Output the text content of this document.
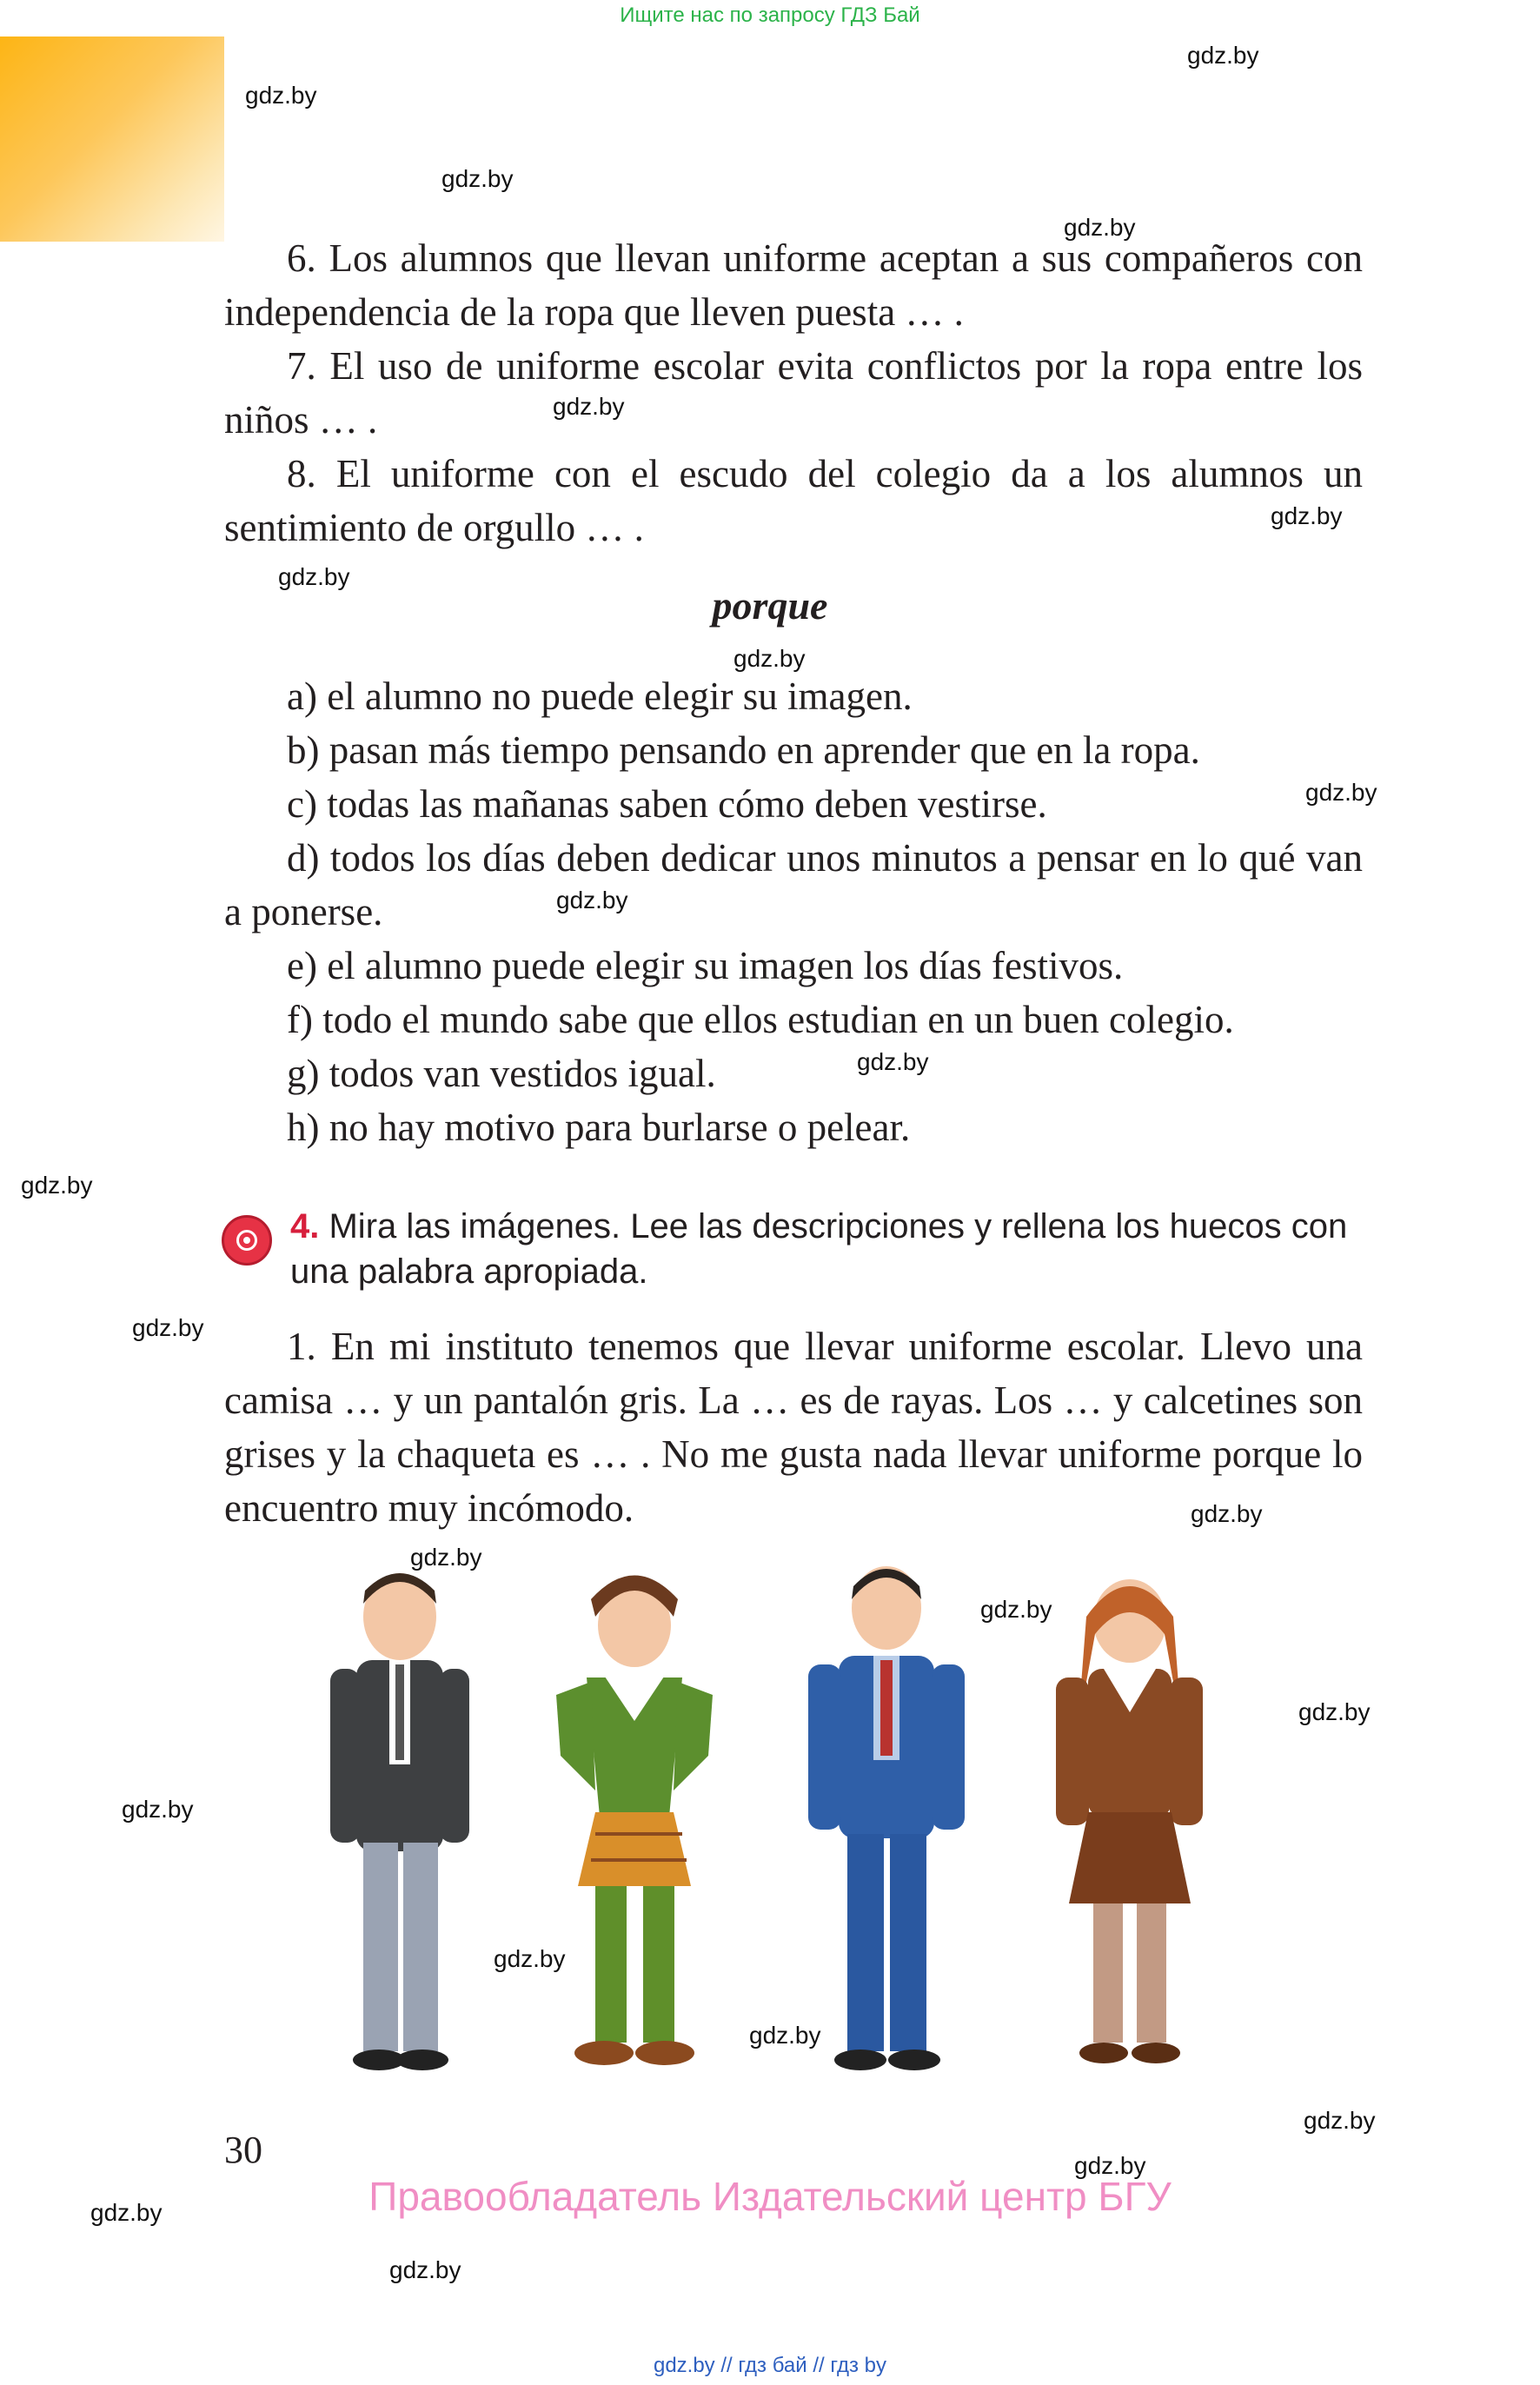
Ищите нас по запросу ГДЗ Бай
gdz.by
gdz.by
gdz.by
gdz.by
gdz.by
gdz.by
gdz.by
gdz.by
gdz.by
gdz.by
gdz.by
gdz.by
gdz.by
gdz.by
gdz.by
gdz.by
gdz.by
gdz.by
gdz.by
gdz.by
gdz.by
gdz.by
gdz.by
gdz.by

6. Los alumnos que llevan uniforme aceptan a sus compañeros con independencia de la ropa que lleven puesta … .

7. El uso de uniforme escolar evita conflictos por la ropa entre los niños … .

8. El uniforme con el escudo del colegio da a los alumnos un sentimiento de orgullo … .

porque

a) el alumno no puede elegir su imagen.

b) pasan más tiempo pensando en aprender que en la ropa.

c) todas las mañanas saben cómo deben vestirse.

d) todos los días deben dedicar unos minutos a pensar en lo qué van a ponerse.

e) el alumno puede elegir su imagen los días festivos.

f) todo el mundo sabe que ellos estudian en un buen colegio.

g) todos van vestidos igual.

h) no hay motivo para burlarse o pelear.

4. Mira las imágenes. Lee las descripciones y rellena los huecos con una palabra apropiada.

1. En mi instituto tenemos que llevar uniforme escolar. Llevo una camisa … y un pantalón gris. La … es de rayas. Los … y calcetines son grises y la chaqueta es … . No me gusta nada llevar uniforme porque lo encuentro muy incómodo.

30
Правообладатель Издательский центр БГУ
gdz.by // гдз бай // гдз by
